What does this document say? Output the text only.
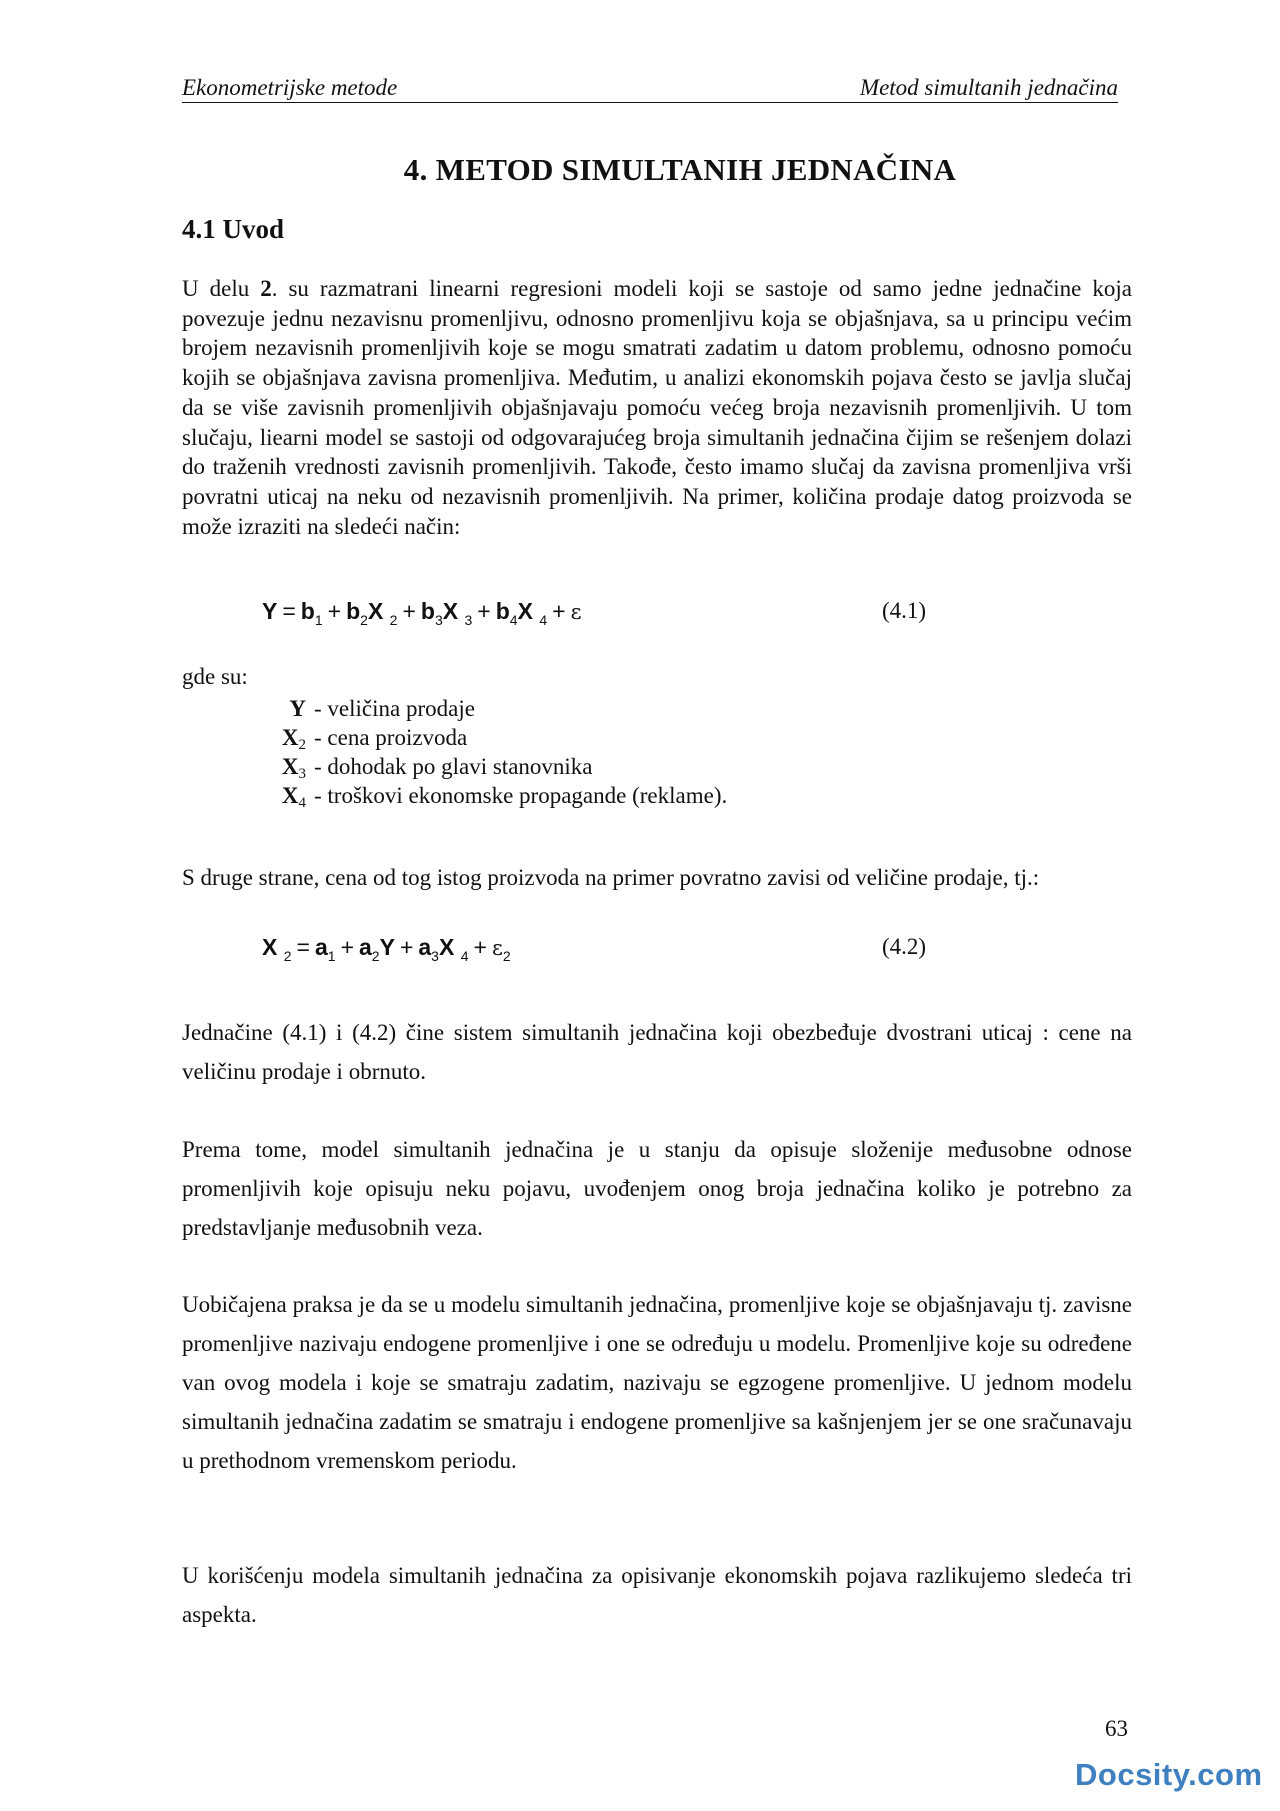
Ekonometrijske metode	Metod simultanih jednačina
4. METOD SIMULTANIH JEDNAČINA
4.1 Uvod

U delu 2. su razmatrani linearni regresioni modeli koji se sastoje od samo jedne jednačine koja povezuje jednu nezavisnu promenljivu, odnosno promenljivu koja se objašnjava, sa u principu većim brojem nezavisnih promenljivih koje se mogu smatrati zadatim u datom problemu, odnosno pomoću kojih se objašnjava zavisna promenljiva. Međutim, u analizi ekonomskih pojava često se javlja slučaj da se više zavisnih promenljivih objašnjavaju pomoću većeg broja nezavisnih promenljivih. U tom slučaju, liearni model se sastoji od odgovarajućeg broja simultanih jednačina čijim se rešenjem dolazi do traženih vrednosti zavisnih promenljivih. Takođe, često imamo slučaj da zavisna promenljiva vrši povratni uticaj na neku od nezavisnih promenljivih. Na primer, količina prodaje datog proizvoda se može izraziti na sledeći način:

$Y = b_1 + b_2X$ $_2 + b_3X$ $_3 + b_4X$ $_4$ + ε	(4.1)
gde su:
Y - veličina prodaje
$X_2$ - cena proizvoda
$X_3$ - dohodak po glavi stanovnika
$X_4$ - troškovi ekonomske propagande (reklame).

S druge strane, cena od tog istog proizvoda na primer povratno zavisi od veličine prodaje, tj.:

X $_2 = a_1 + a_2Y + a_3X$ $_4 + \varepsilon_2$	(4.2)

Jednačine (4.1) i (4.2) čine sistem simultanih jednačina koji obezbeđuje dvostrani uticaj : cene na veličinu prodaje i obrnuto.

Prema tome, model simultanih jednačina je u stanju da opisuje složenije međusobne odnose promenljivih koje opisuju neku pojavu, uvođenjem onog broja jednačina koliko je potrebno za predstavljanje međusobnih veza.

Uobičajena praksa je da se u modelu simultanih jednačina, promenljive koje se objašnjavaju tj. zavisne promenljive nazivaju endogene promenljive i one se određuju u modelu. Promenljive koje su određene van ovog modela i koje se smatraju zadatim, nazivaju se egzogene promenljive. U jednom modelu simultanih jednačina zadatim se smatraju i endogene promenljive sa kašnjenjem jer se one sračunavaju u prethodnom vremenskom periodu.

U korišćenju modela simultanih jednačina za opisivanje ekonomskih pojava razlikujemo sledeća tri aspekta.

63
Docsity.com
